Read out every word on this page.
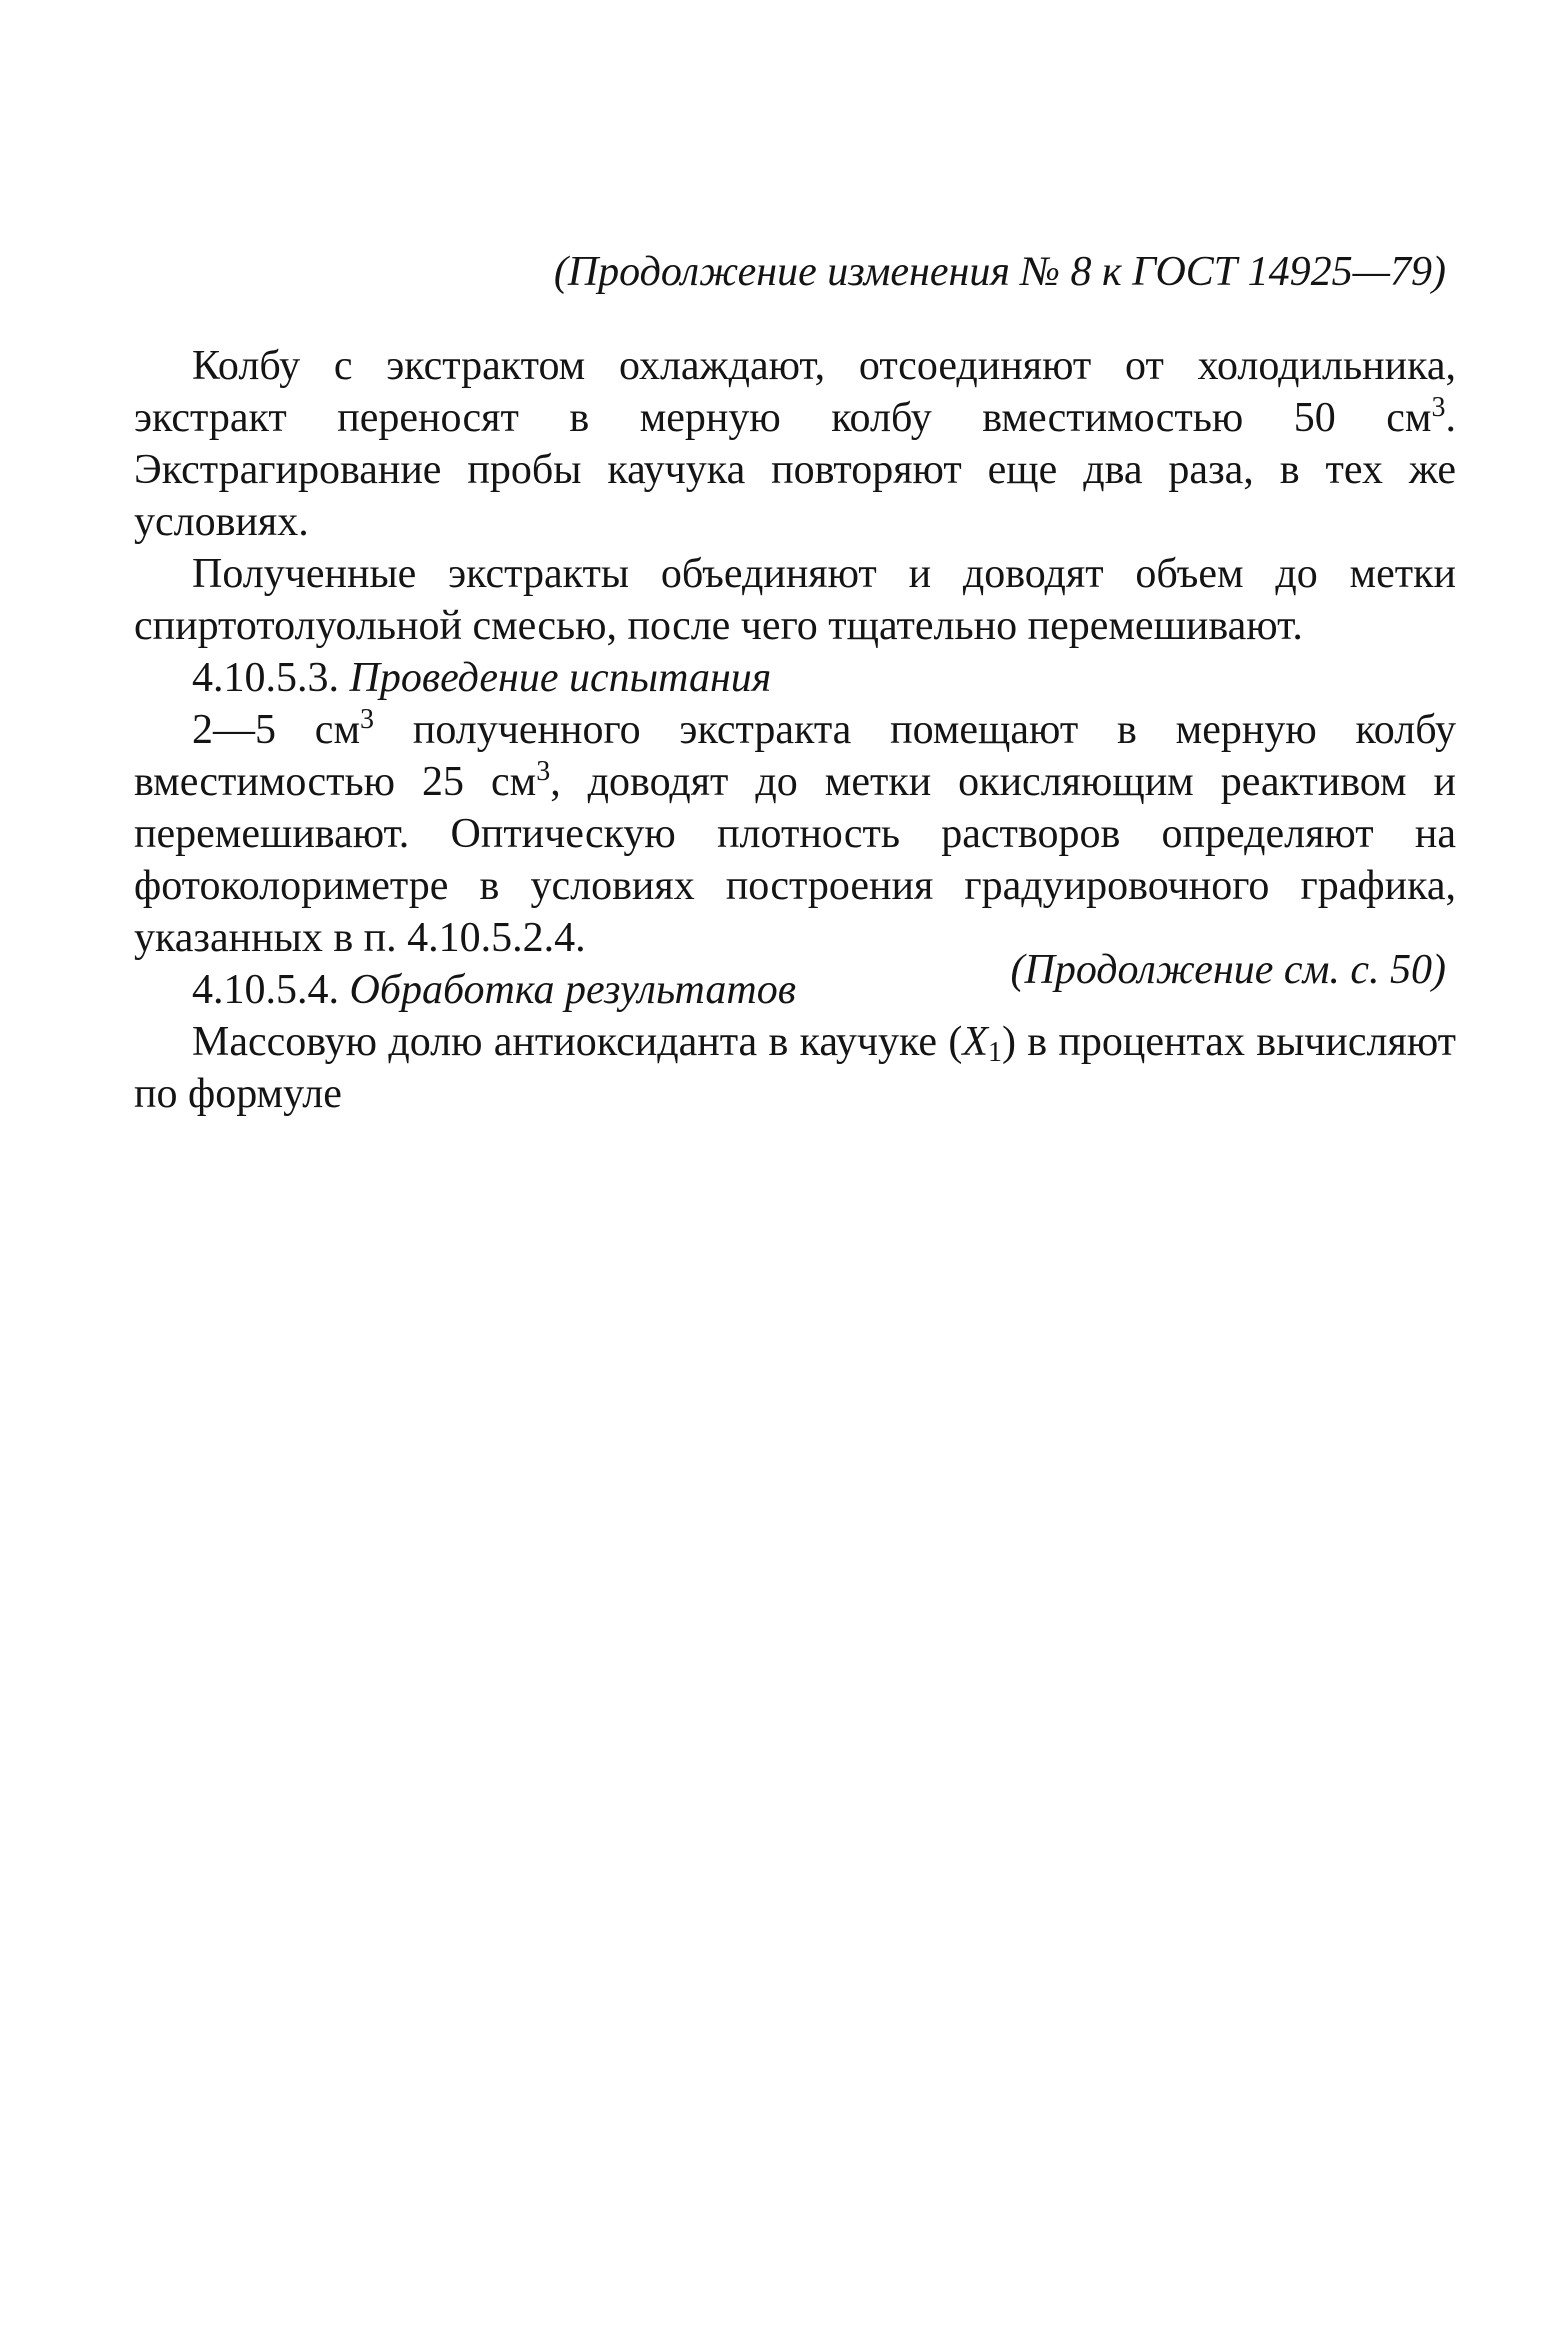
(Продолжение изменения № 8 к ГОСТ 14925—79)

Колбу с экстрактом охлаждают, отсоединяют от холодильника, экстракт переносят в мерную колбу вместимостью 50 $см^3$. Экстрагирование пробы каучука повторяют еще два раза, в тех же условиях.

Полученные экстракты объединяют и доводят объем до метки спиртотолуольной смесью, после чего тщательно перемешивают.

4.10.5.3. Проведение испытания

2—5 $см^3$ полученного экстракта помещают в мерную колбу вместимостью 25 $см^3$, доводят до метки окисляющим реактивом и перемешивают. Оптическую плотность растворов определяют на фотоколориметре в условиях построения градуировочного графика, указанных в п. 4.10.5.2.4.

4.10.5.4. Обработка результатов

Массовую долю антиоксиданта в каучуке (X1) в процентах вычисляют по формуле

(Продолжение см. с. 50)
